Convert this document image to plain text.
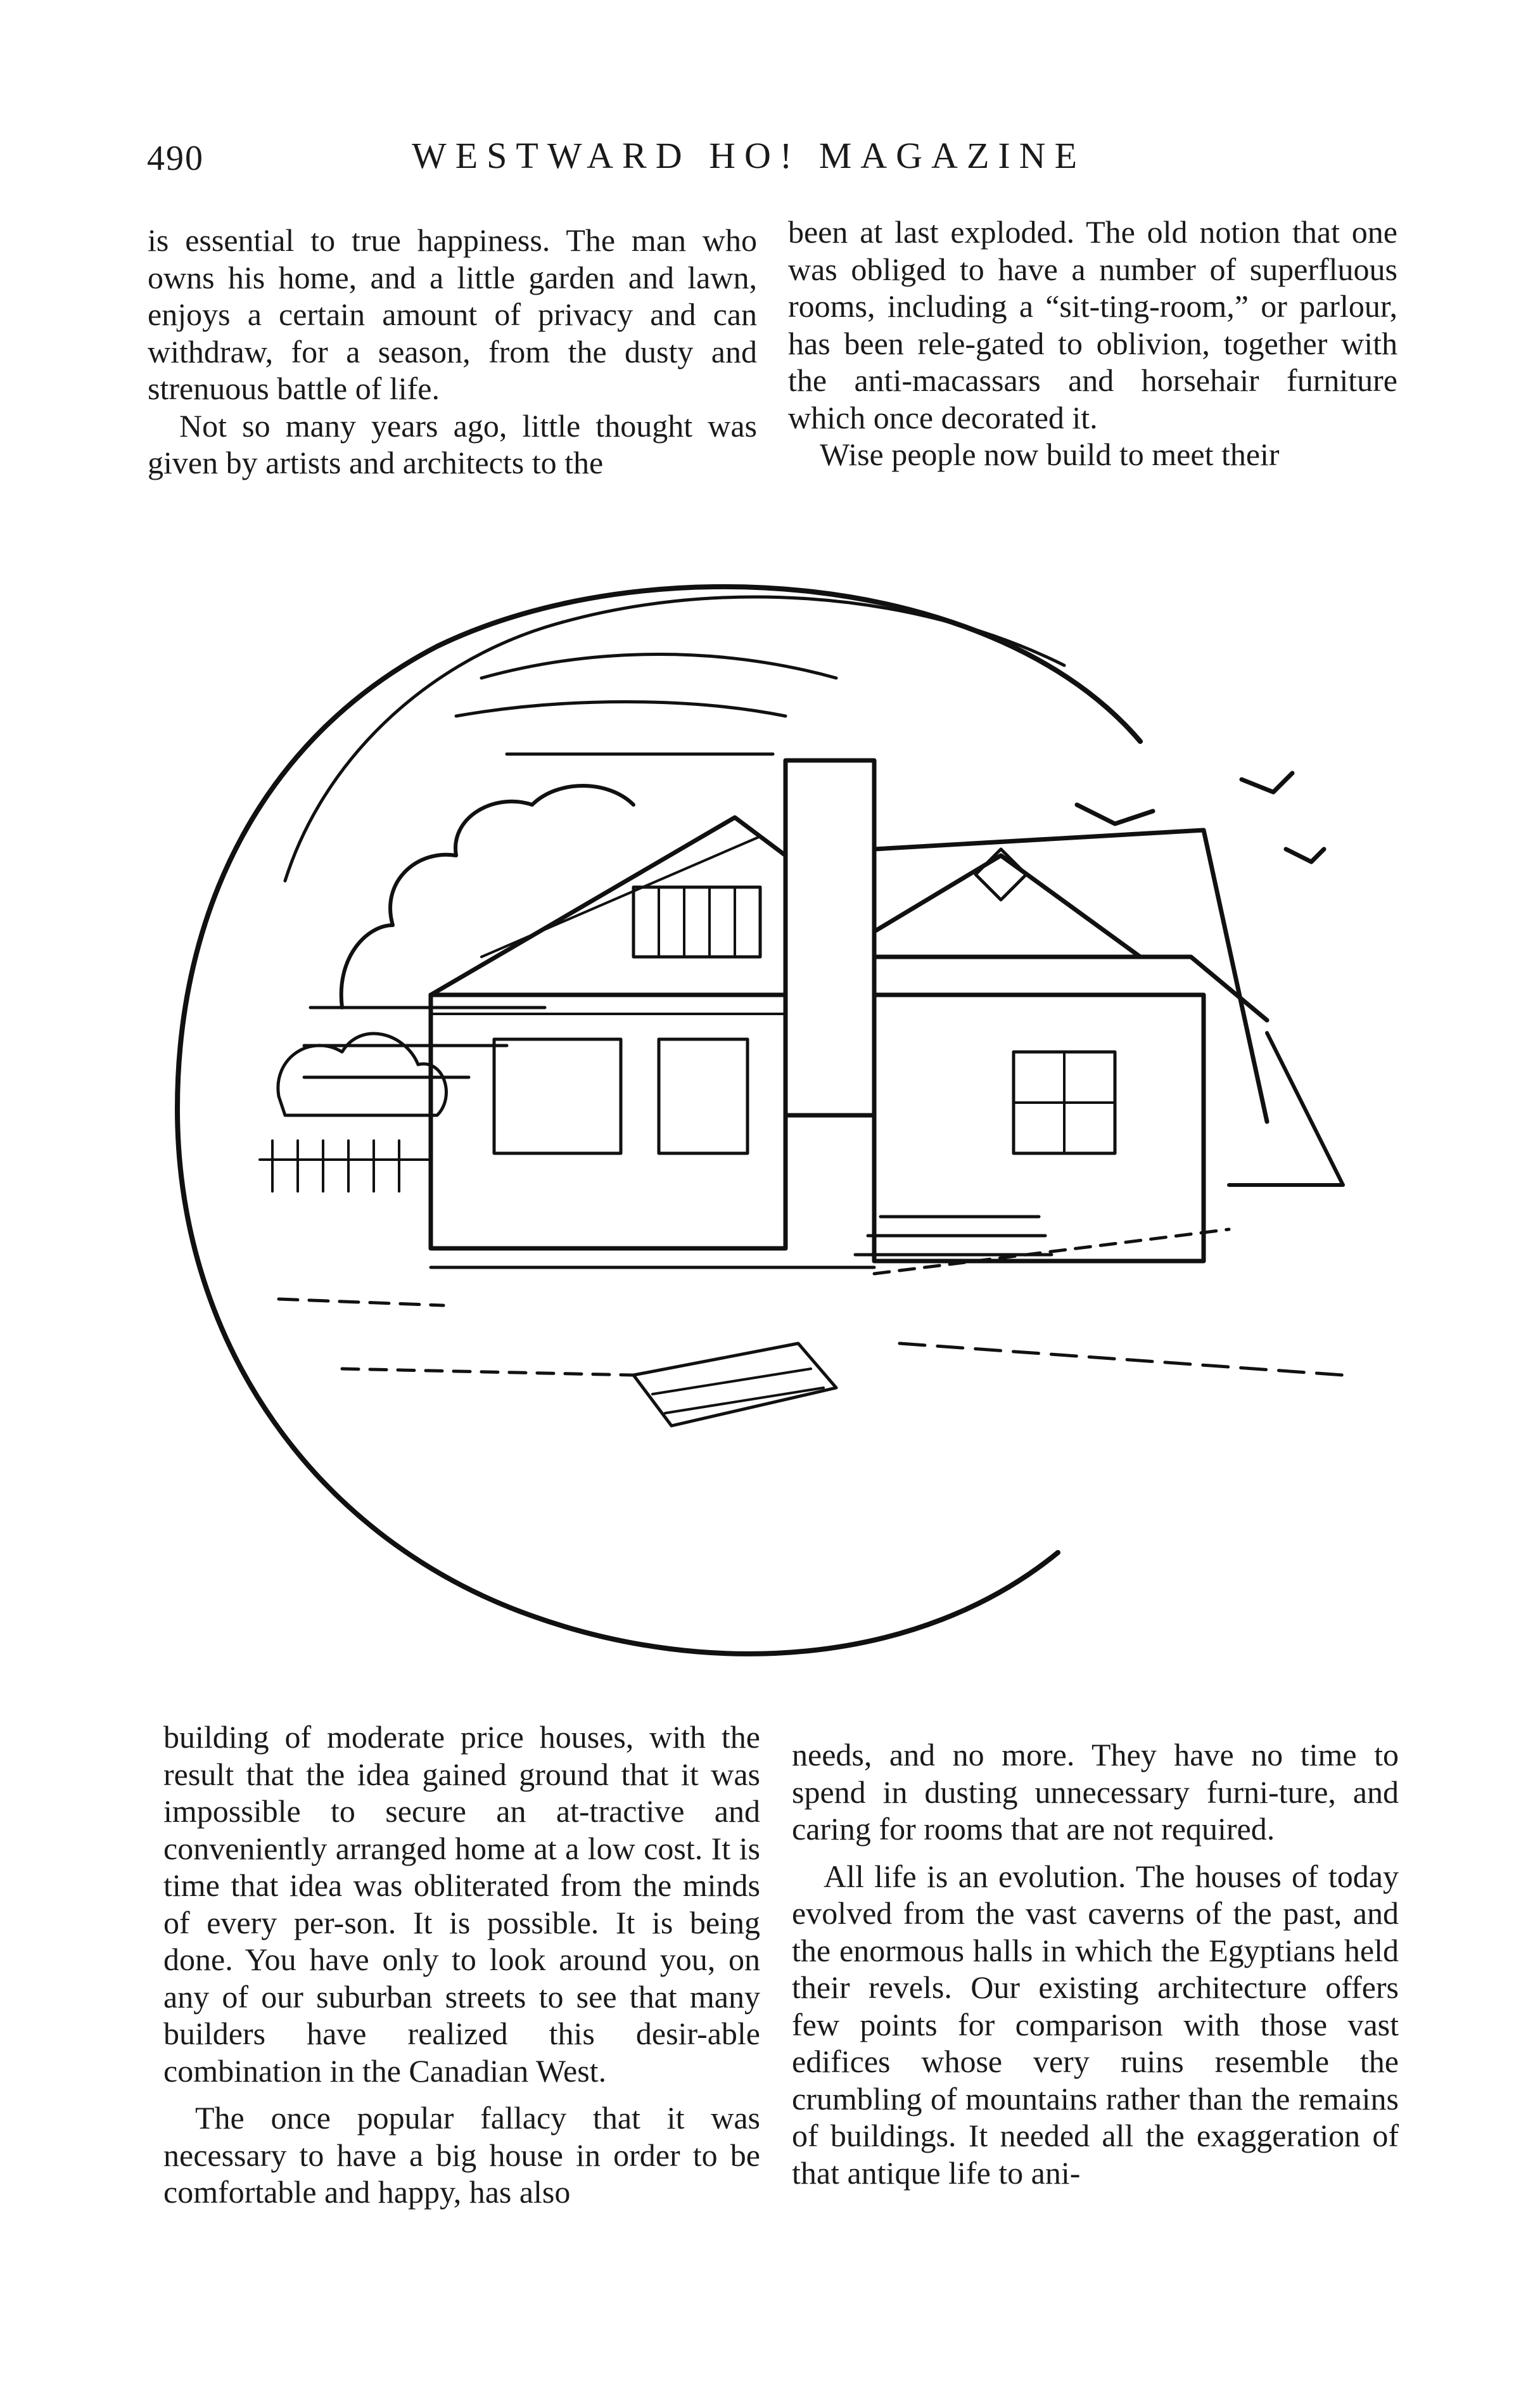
490	WESTWARD HO! MAGAZINE

is essential to true happiness. The man who owns his home, and a little garden and lawn, enjoys a certain amount of privacy and can withdraw, for a season, from the dusty and strenuous battle of life.

Not so many years ago, little thought was given by artists and architects to the

been at last exploded. The old notion that one was obliged to have a number of superfluous rooms, including a “sit-ting-room,” or parlour, has been rele-gated to oblivion, together with the anti-macassars and horsehair furniture which once decorated it.

Wise people now build to meet their

building of moderate price houses, with the result that the idea gained ground that it was impossible to secure an at-tractive and conveniently arranged home at a low cost. It is time that idea was obliterated from the minds of every per-son. It is possible. It is being done. You have only to look around you, on any of our suburban streets to see that many builders have realized this desir-able combination in the Canadian West.

The once popular fallacy that it was necessary to have a big house in order to be comfortable and happy, has also

needs, and no more. They have no time to spend in dusting unnecessary furni-ture, and caring for rooms that are not required.

All life is an evolution. The houses of today evolved from the vast caverns of the past, and the enormous halls in which the Egyptians held their revels. Our existing architecture offers few points for comparison with those vast edifices whose very ruins resemble the crumbling of mountains rather than the remains of buildings. It needed all the exaggeration of that antique life to ani-
